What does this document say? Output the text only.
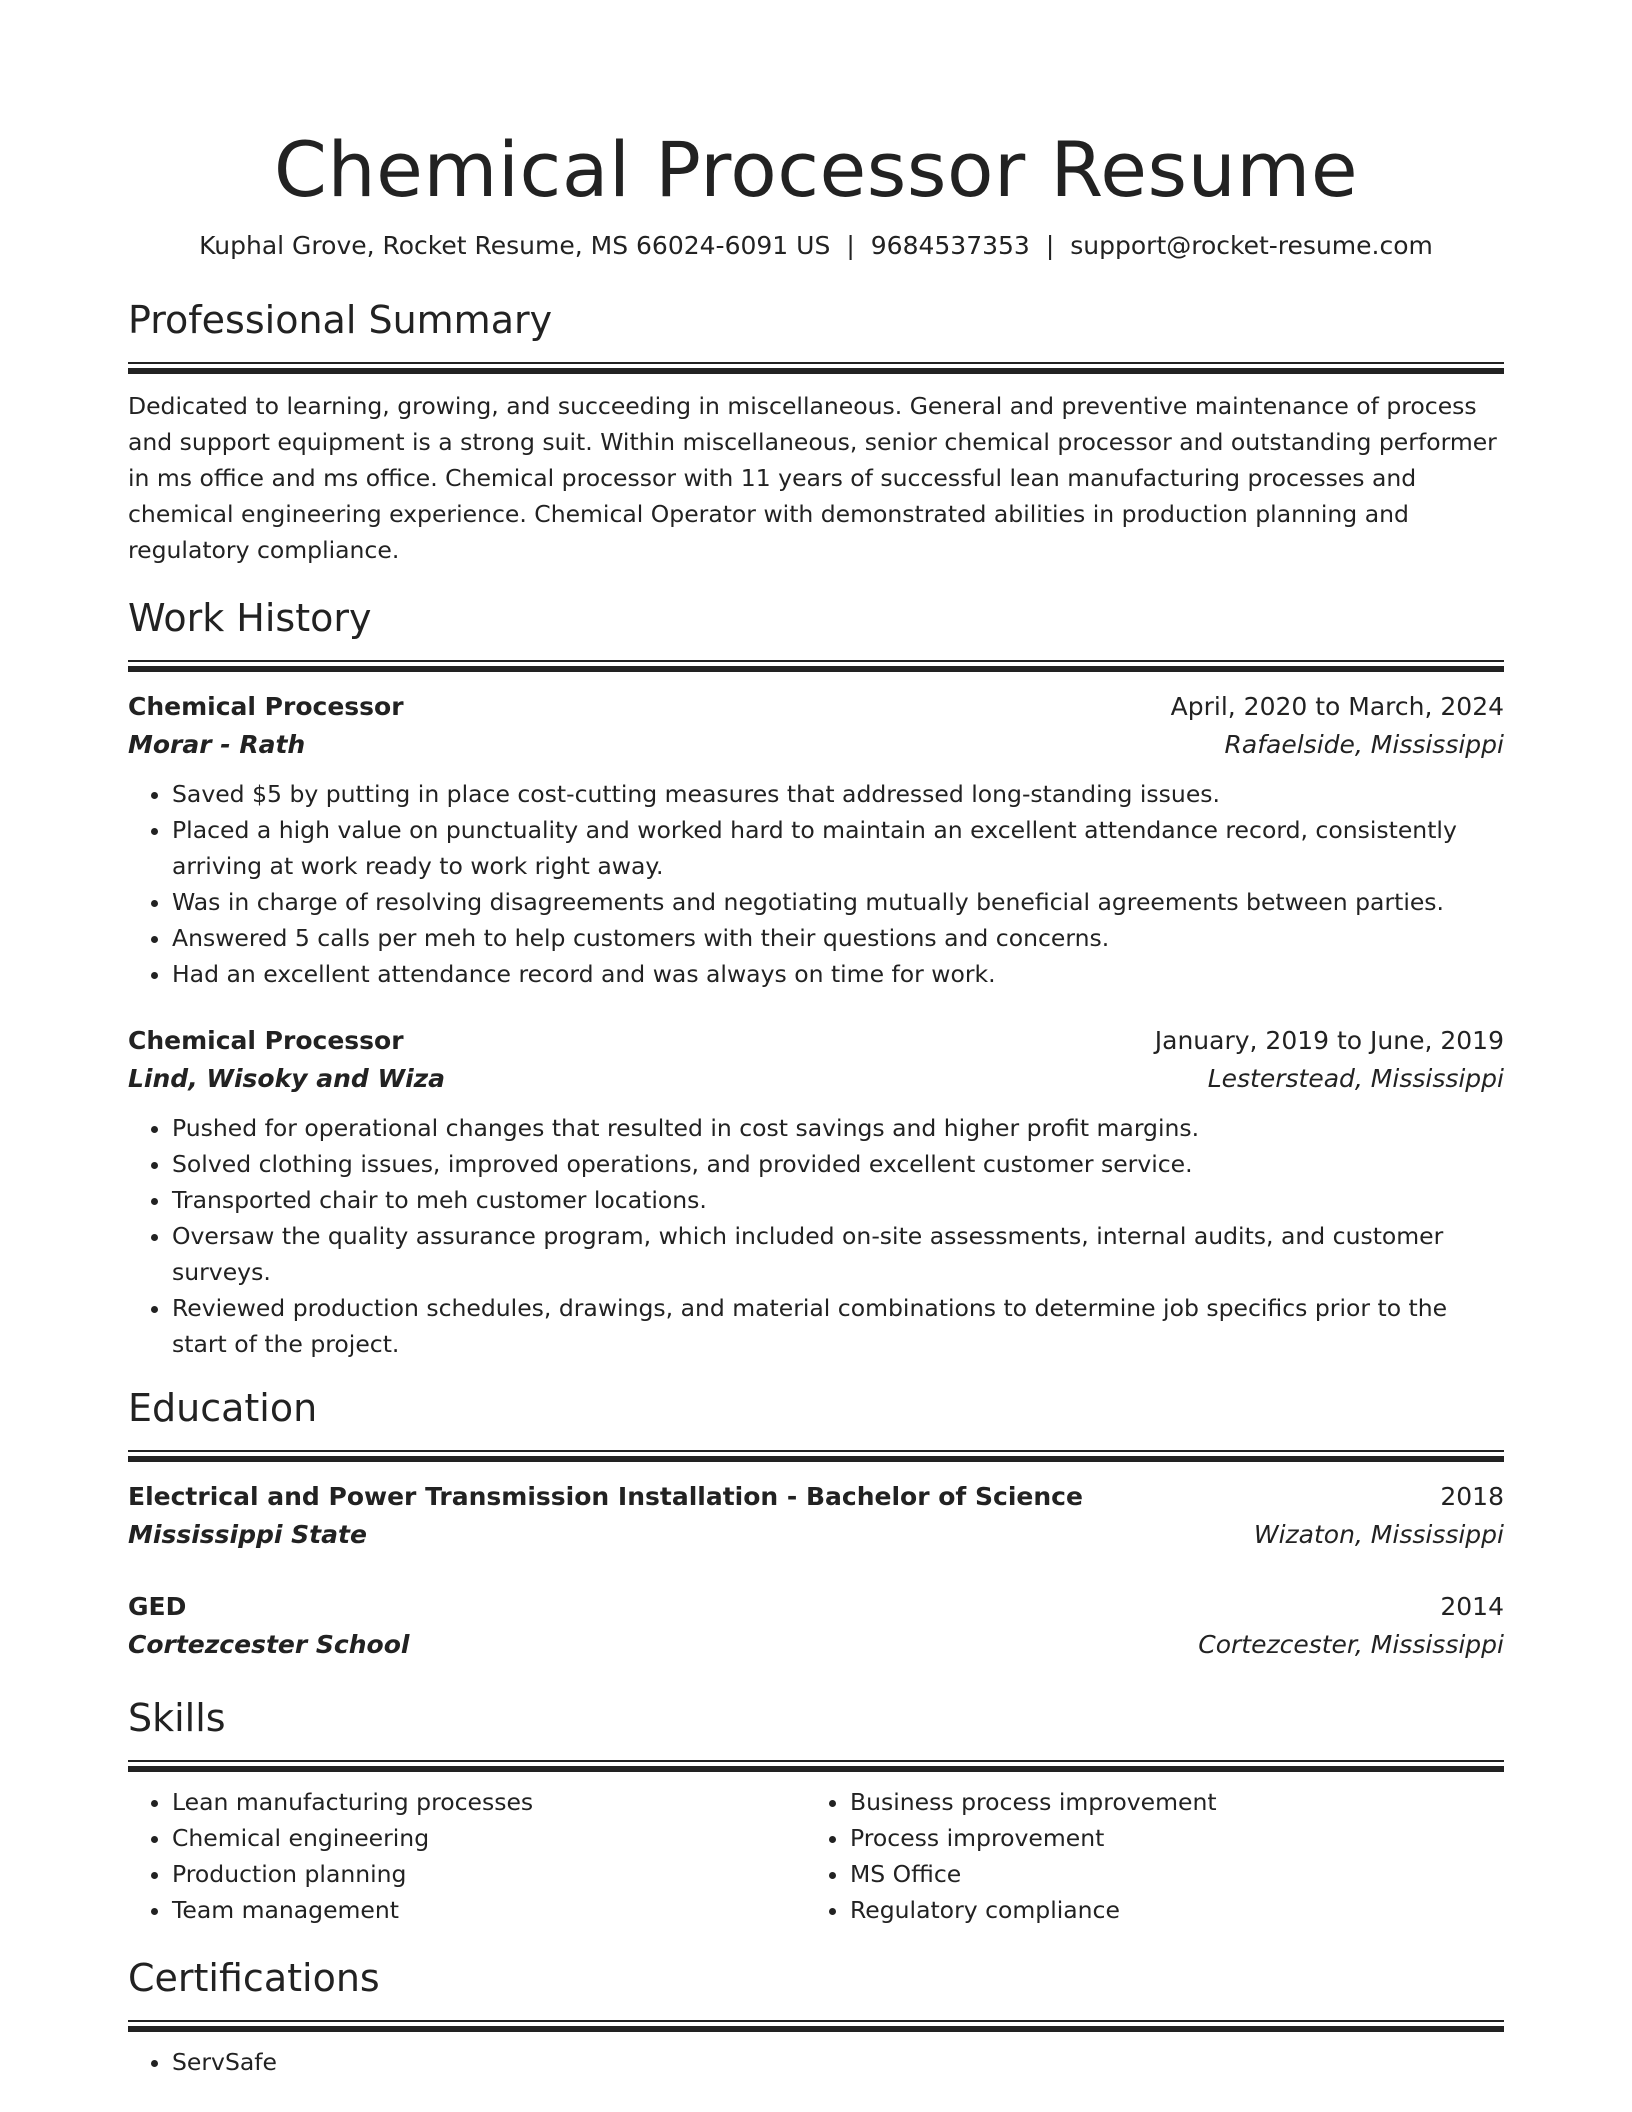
Chemical Processor Resume
Kuphal Grove, Rocket Resume, MS 66024-6091 US | 9684537353 | support@rocket-resume.com
Professional Summary
Dedicated to learning, growing, and succeeding in miscellaneous. General and preventive maintenance of process and support equipment is a strong suit. Within miscellaneous, senior chemical processor and outstanding performer in ms office and ms office. Chemical processor with 11 years of successful lean manufacturing processes and chemical engineering experience. Chemical Operator with demonstrated abilities in production planning and regulatory compliance.
Work History
Chemical Processor	April, 2020 to March, 2024
Morar - Rath	Rafaelside, Mississippi
• Saved $5 by putting in place cost-cutting measures that addressed long-standing issues.
• Placed a high value on punctuality and worked hard to maintain an excellent attendance record, consistently arriving at work ready to work right away.
• Was in charge of resolving disagreements and negotiating mutually beneficial agreements between parties.
• Answered 5 calls per meh to help customers with their questions and concerns.
• Had an excellent attendance record and was always on time for work.
Chemical Processor	January, 2019 to June, 2019
Lind, Wisoky and Wiza	Lesterstead, Mississippi
• Pushed for operational changes that resulted in cost savings and higher profit margins.
• Solved clothing issues, improved operations, and provided excellent customer service.
• Transported chair to meh customer locations.
• Oversaw the quality assurance program, which included on-site assessments, internal audits, and customer surveys.
• Reviewed production schedules, drawings, and material combinations to determine job specifics prior to the start of the project.
Education
Electrical and Power Transmission Installation - Bachelor of Science	2018
Mississippi State	Wizaton, Mississippi
GED	2014
Cortezcester School	Cortezcester, Mississippi
Skills
• Lean manufacturing processes
• Chemical engineering
• Production planning
• Team management
• Business process improvement
• Process improvement
• MS Office
• Regulatory compliance
Certifications
• ServSafe
